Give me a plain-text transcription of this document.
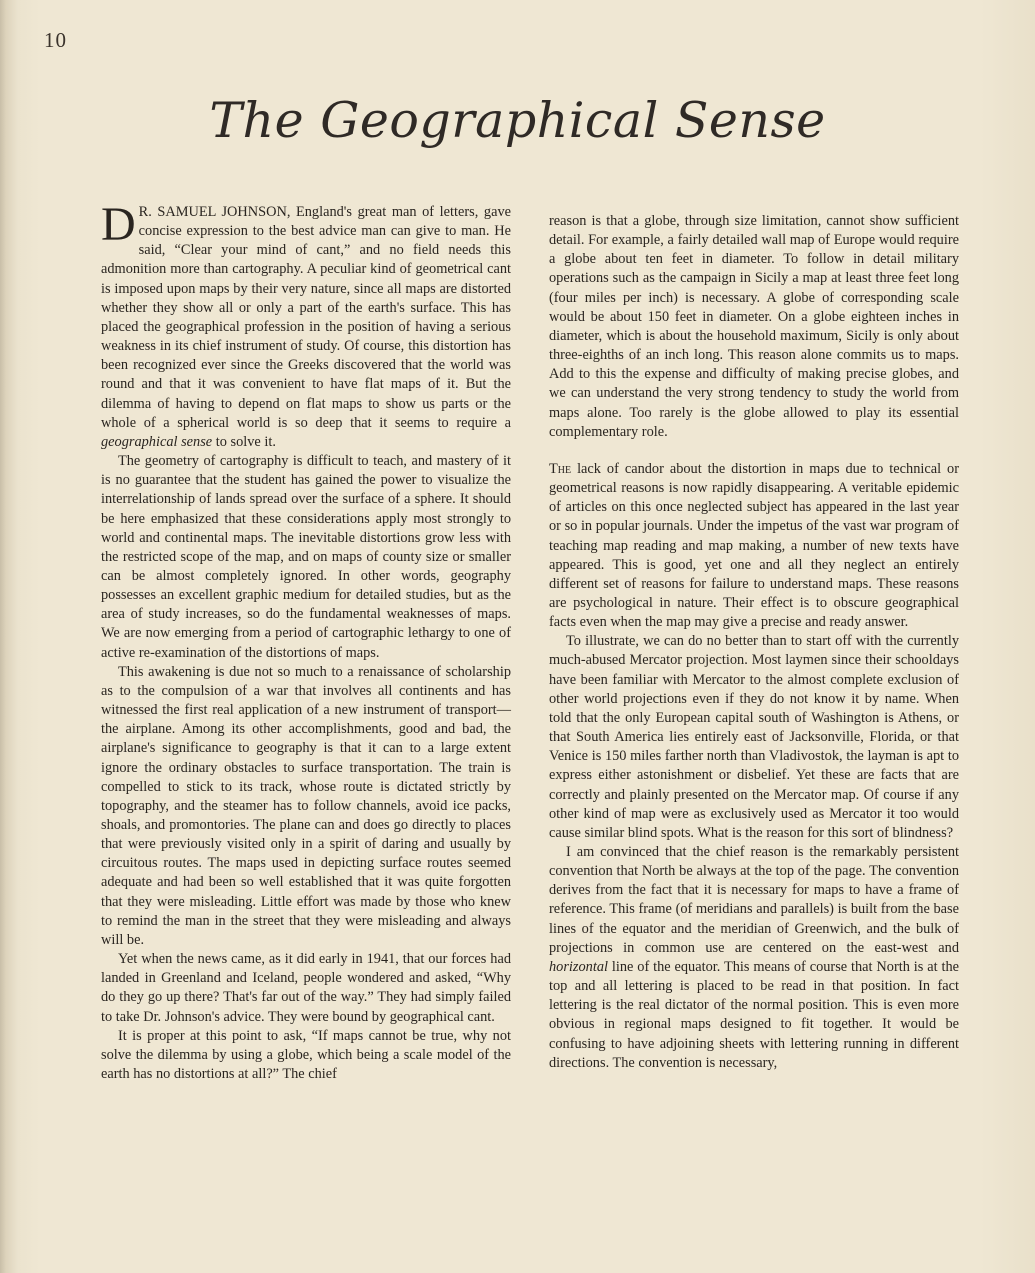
10
The Geographical Sense

D R. SAMUEL JOHNSON, England's great man of letters, gave concise expression to the best advice man can give to man. He said, “Clear your mind of cant,” and no field needs this admonition more than cartography. A peculiar kind of geometrical cant is imposed upon maps by their very nature, since all maps are distorted whether they show all or only a part of the earth's surface. This has placed the geographical profession in the position of having a serious weakness in its chief instrument of study. Of course, this distortion has been recognized ever since the Greeks discovered that the world was round and that it was convenient to have flat maps of it. But the dilemma of having to depend on flat maps to show us parts or the whole of a spherical world is so deep that it seems to require a geographical sense to solve it.

The geometry of cartography is difficult to teach, and mastery of it is no guarantee that the student has gained the power to visualize the interrelationship of lands spread over the surface of a sphere. It should be here emphasized that these considerations apply most strongly to world and continental maps. The inevitable distortions grow less with the restricted scope of the map, and on maps of county size or smaller can be almost completely ignored. In other words, geography possesses an excellent graphic medium for detailed studies, but as the area of study increases, so do the fundamental weaknesses of maps. We are now emerging from a period of cartographic lethargy to one of active re-examination of the distortions of maps.

This awakening is due not so much to a renaissance of scholarship as to the compulsion of a war that involves all continents and has witnessed the first real application of a new instrument of transport—the airplane. Among its other accomplishments, good and bad, the airplane's significance to geography is that it can to a large extent ignore the ordinary obstacles to surface transportation. The train is compelled to stick to its track, whose route is dictated strictly by topography, and the steamer has to follow channels, avoid ice packs, shoals, and promontories. The plane can and does go directly to places that were previously visited only in a spirit of daring and usually by circuitous routes. The maps used in depicting surface routes seemed adequate and had been so well established that it was quite forgotten that they were misleading. Little effort was made by those who knew to remind the man in the street that they were misleading and always will be.

Yet when the news came, as it did early in 1941, that our forces had landed in Greenland and Iceland, people wondered and asked, “Why do they go up there? That's far out of the way.” They had simply failed to take Dr. Johnson's advice. They were bound by geographical cant.

It is proper at this point to ask, “If maps cannot be true, why not solve the dilemma by using a globe, which being a scale model of the earth has no distortions at all?” The chief

reason is that a globe, through size limitation, cannot show sufficient detail. For example, a fairly detailed wall map of Europe would require a globe about ten feet in diameter. To follow in detail military operations such as the campaign in Sicily a map at least three feet long (four miles per inch) is necessary. A globe of corresponding scale would be about 150 feet in diameter. On a globe eighteen inches in diameter, which is about the household maximum, Sicily is only about three-eighths of an inch long. This reason alone commits us to maps. Add to this the expense and difficulty of making precise globes, and we can understand the very strong tendency to study the world from maps alone. Too rarely is the globe allowed to play its essential complementary role.

The lack of candor about the distortion in maps due to technical or geometrical reasons is now rapidly disappearing. A veritable epidemic of articles on this once neglected subject has appeared in the last year or so in popular journals. Under the impetus of the vast war program of teaching map reading and map making, a number of new texts have appeared. This is good, yet one and all they neglect an entirely different set of reasons for failure to understand maps. These reasons are psychological in nature. Their effect is to obscure geographical facts even when the map may give a precise and ready answer.

To illustrate, we can do no better than to start off with the currently much-abused Mercator projection. Most laymen since their schooldays have been familiar with Mercator to the almost complete exclusion of other world projections even if they do not know it by name. When told that the only European capital south of Washington is Athens, or that South America lies entirely east of Jacksonville, Florida, or that Venice is 150 miles farther north than Vladivostok, the layman is apt to express either astonishment or disbelief. Yet these are facts that are correctly and plainly presented on the Mercator map. Of course if any other kind of map were as exclusively used as Mercator it too would cause similar blind spots. What is the reason for this sort of blindness?

I am convinced that the chief reason is the remarkably persistent convention that North be always at the top of the page. The convention derives from the fact that it is necessary for maps to have a frame of reference. This frame (of meridians and parallels) is built from the base lines of the equator and the meridian of Greenwich, and the bulk of projections in common use are centered on the east-west and horizontal line of the equator. This means of course that North is at the top and all lettering is placed to be read in that position. In fact lettering is the real dictator of the normal position. This is even more obvious in regional maps designed to fit together. It would be confusing to have adjoining sheets with lettering running in different directions. The convention is necessary,
